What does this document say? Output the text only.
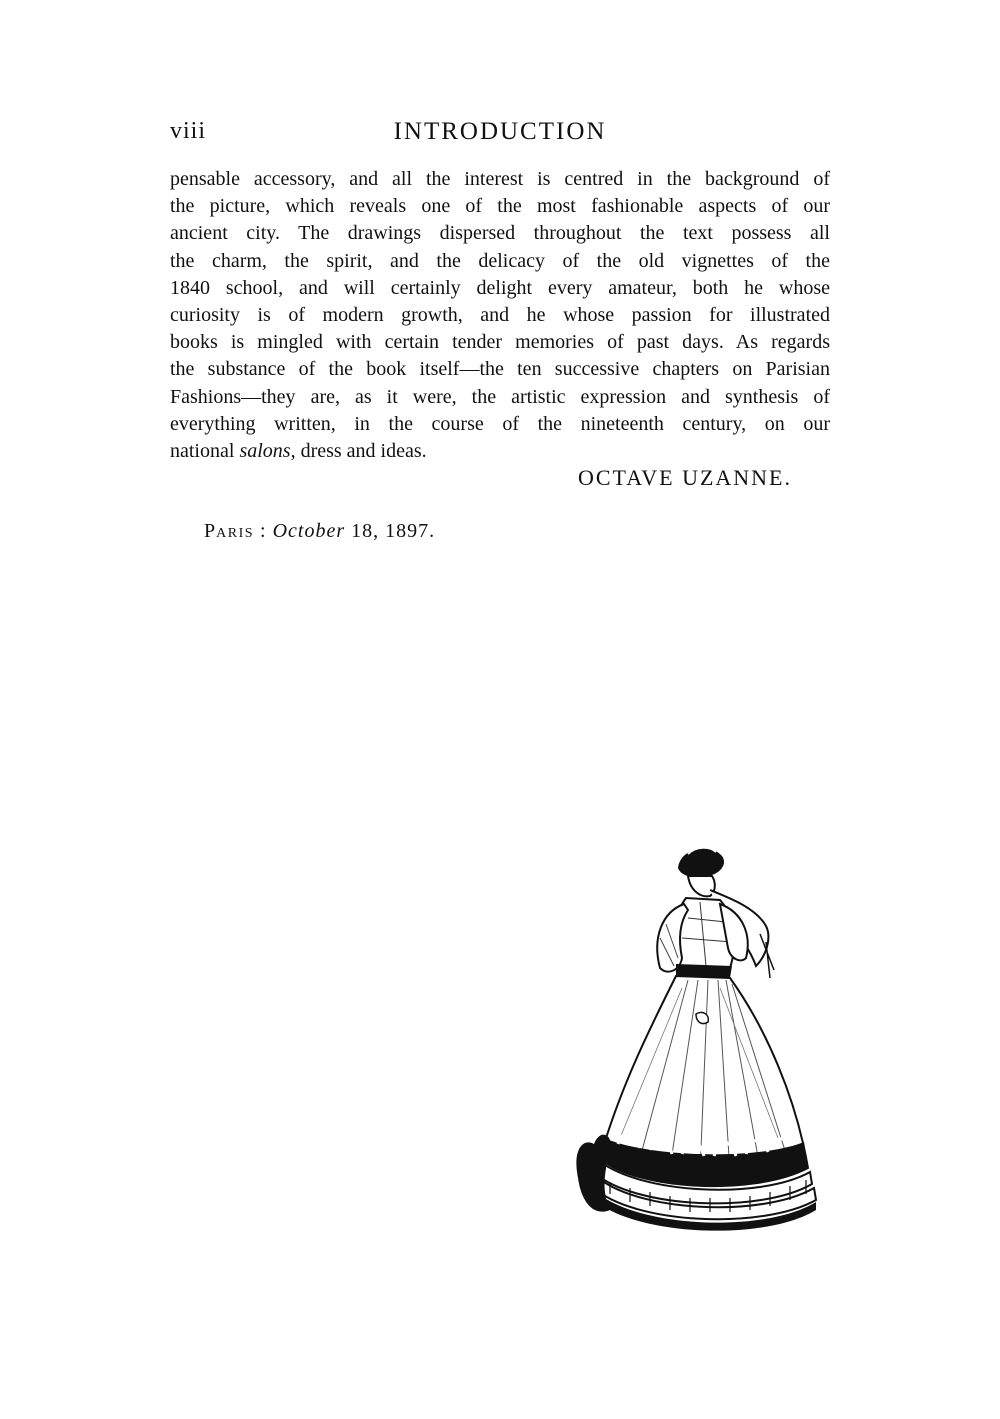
viii	INTRODUCTION
pensable accessory, and all the interest is centred in the background of
the picture, which reveals one of the most fashionable aspects of our
ancient city. The drawings dispersed throughout the text possess all
the charm, the spirit, and the delicacy of the old vignettes of the
1840 school, and will certainly delight every amateur, both he whose
curiosity is of modern growth, and he whose passion for illustrated
books is mingled with certain tender memories of past days. As regards
the substance of the book itself—the ten successive chapters on Parisian
Fashions—they are, as it were, the artistic expression and synthesis of
everything written, in the course of the nineteenth century, on our
national salons, dress and ideas.
OCTAVE UZANNE.
PARIS : October 18, 1897.
